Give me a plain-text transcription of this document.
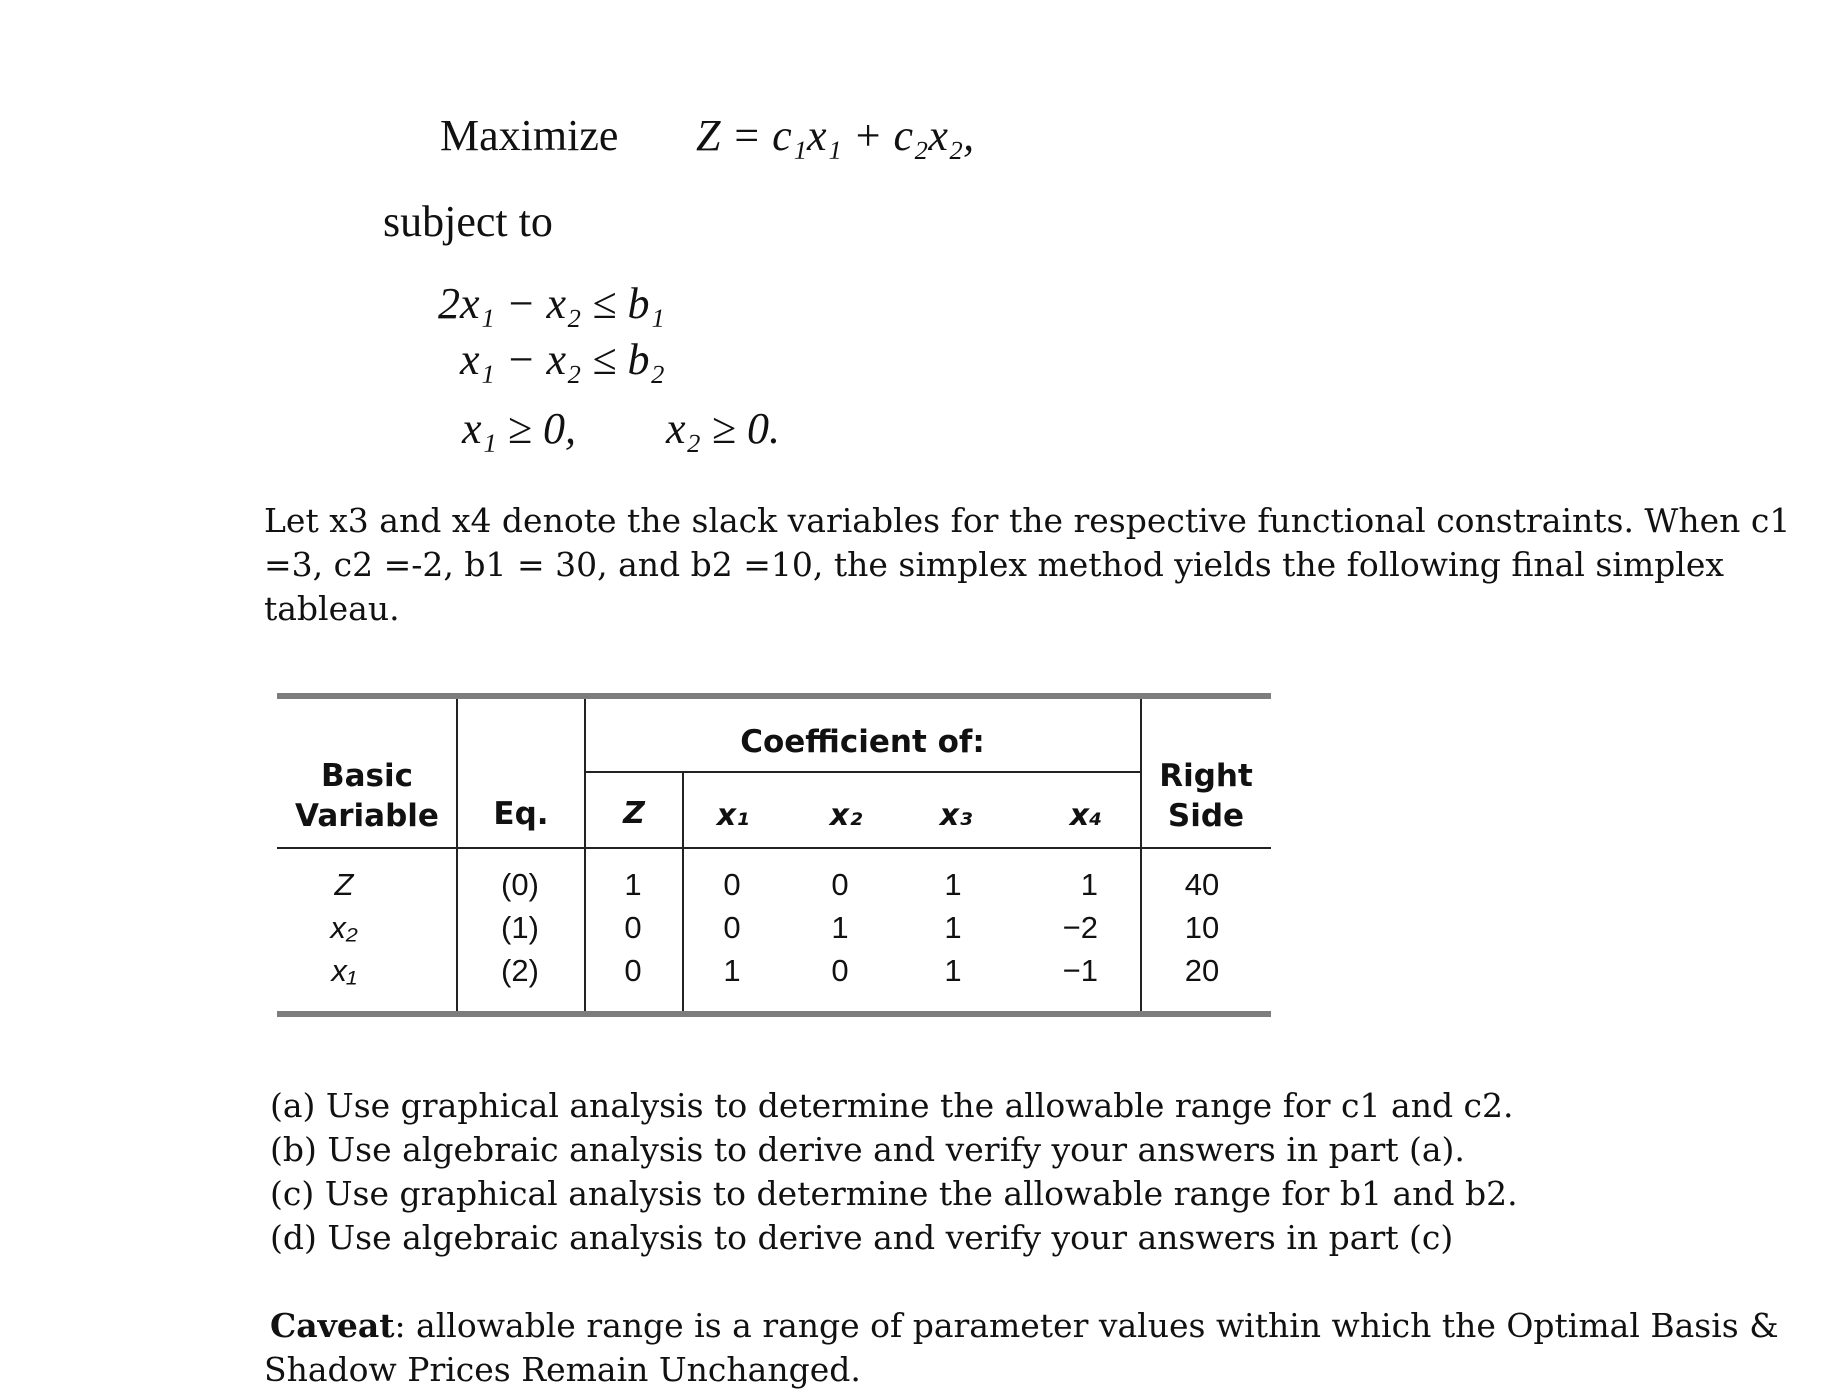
Maximize Z = c₁x₁ + c₂x₂,
subject to
2x₁ − x₂ ≤ b₁
x₁ − x₂ ≤ b₂
x₁ ≥ 0, x₂ ≥ 0.
Let x3 and x4 denote the slack variables for the respective functional constraints. When c1
=3, c2 =-2, b1 = 30, and b2 =10, the simplex method yields the following final simplex
tableau.
Basic
Variable	Eq.
Coefficient of:
Right
Side
Z	x₁	x₂	x₃	x₄
Z	(0)	1	0	0	1	1	40
x₂	(1)	0	0	1	1	−2	10
x₁	(2)	0	1	0	1	−1	20
(a) Use graphical analysis to determine the allowable range for c1 and c2.
(b) Use algebraic analysis to derive and verify your answers in part (a).
(c) Use graphical analysis to determine the allowable range for b1 and b2.
(d) Use algebraic analysis to derive and verify your answers in part (c)
Caveat: allowable range is a range of parameter values within which the Optimal Basis &
Shadow Prices Remain Unchanged.
